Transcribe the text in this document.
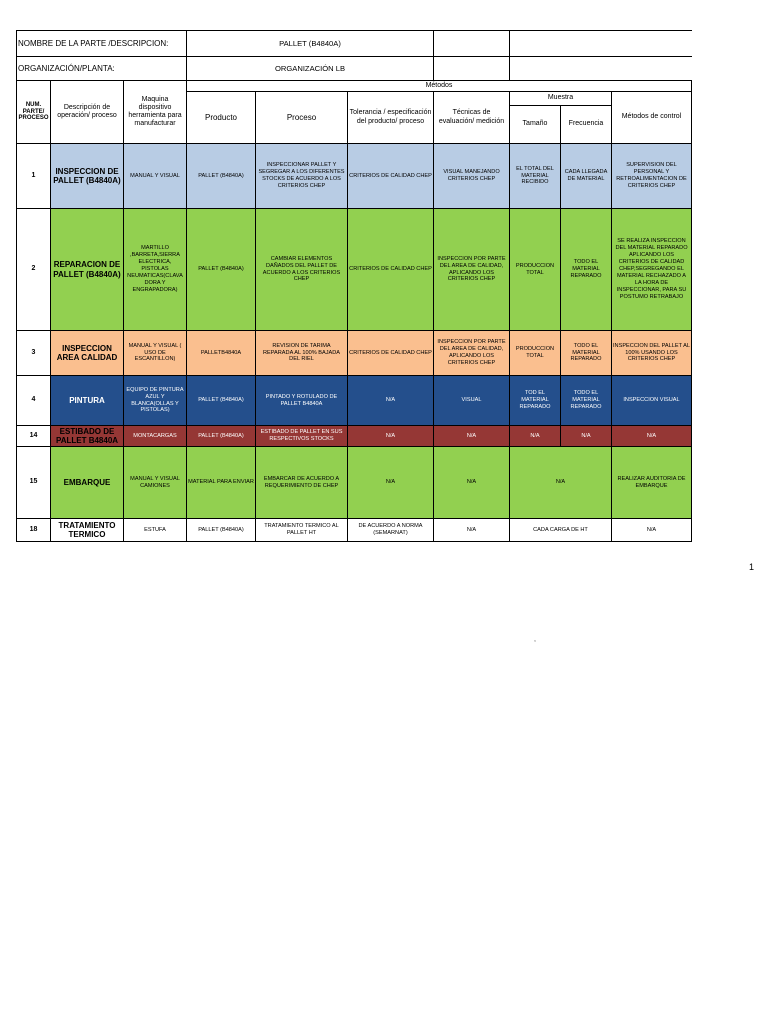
NOMBRE DE LA PARTE /DESCRIPCION:			PALLET (B4840A)						
ORGANIZACIÓN/PLANTA:			ORGANIZACIÓN LB						
NUM. PARTE/ PROCESO	Descripción de operación/ proceso	Maquina dispositivo herramienta para manufacturar	Métodos						
			Producto	Proceso	Tolerancia / especificación del producto/ proceso	Técnicas de evaluación/ medición	Muestra		Métodos de control
							Tamaño	Frecuencia	
1	INSPECCION DE PALLET (B4840A)	MANUAL Y VISUAL	PALLET (B4840A)	INSPECCIONAR PALLET Y SEGREGAR A LOS DIFERENTES STOCKS DE ACUERDO A LOS CRITERIOS CHEP	CRITERIOS DE CALIDAD CHEP	VISUAL MANEJANDO CRITERIOS CHEP	EL TOTAL DEL MATERIAL RECIBIDO	CADA LLEGADA DE MATERIAL	SUPERVISION DEL PERSONAL Y RETROALIMENTACION DE CRITERIOS CHEP
2	REPARACION DE PALLET (B4840A)	MARTILLO ,BARRETA,SIERRA ELECTRICA, PISTOLAS NEUMATICAS(CLAVA DORA Y ENGRAPADORA)	PALLET (B4840A)	CAMBIAR ELEMENTOS DAÑADOS DEL PALLET DE ACUERDO A LOS CRITERIOS CHEP	CRITERIOS DE CALIDAD CHEP	INSPECCION POR PARTE DEL AREA DE CALIDAD, APLICANDO LOS CRITERIOS CHEP	PRODUCCION TOTAL	TODO EL MATERIAL REPARADO	SE REALIZA INSPECCION DEL MATERIAL REPARADO APLICANDO LOS CRITERIOS DE CALIDAD CHEP,SEGREGANDO EL MATERIAL RECHAZADO A LA HORA DE INSPECCIONAR, PARA SU POSTUMO RETRABAJO
3	INSPECCION AREA CALIDAD	MANUAL Y VISUAL ( USO DE ESCANTILLON)	PALLETB4840A	REVISION DE TARIMA REPARADA AL 100% BAJADA DEL RIEL	CRITERIOS DE CALIDAD CHEP	INSPECCION POR PARTE DEL AREA DE CALIDAD, APLICANDO LOS CRITERIOS CHEP	PRODUCCION TOTAL	TODO EL MATERIAL REPARADO	INSPECCION DEL PALLET AL 100% USANDO LOS CRITERIOS CHEP
4	PINTURA	EQUIPO DE PINTURA AZUL Y BLANCA(OLLAS Y PISTOLAS)	PALLET (B4840A)	PINTADO Y ROTULADO DE PALLET B4840A	N/A	VISUAL	TOD EL MATERIAL REPARADO	TODO EL MATERIAL REPARADO	INSPECCION VISUAL
14	ESTIBADO DE PALLET B4840A	MONTACARGAS	PALLET (B4840A)	ESTIBADO DE PALLET EN SUS RESPECTIVOS STOCKS	N/A	N/A	N/A	N/A	N/A
15	EMBARQUE	MANUAL Y VISUAL CAMIONES	MATERIAL PARA ENVIAR	EMBARCAR DE ACUERDO A REQUERIMIENTO DE CHEP	N/A	N/A	N/A		REALIZAR AUDITORIA DE EMBARQUE
18	TRATAMIENTO TERMICO	ESTUFA	PALLET (B4840A)	TRATAMIENTO TERMICO AL PALLET HT	DE ACUERDO A NORMA (SEMARNAT)	N/A	CADA CARGA DE HT		N/A
1
,
